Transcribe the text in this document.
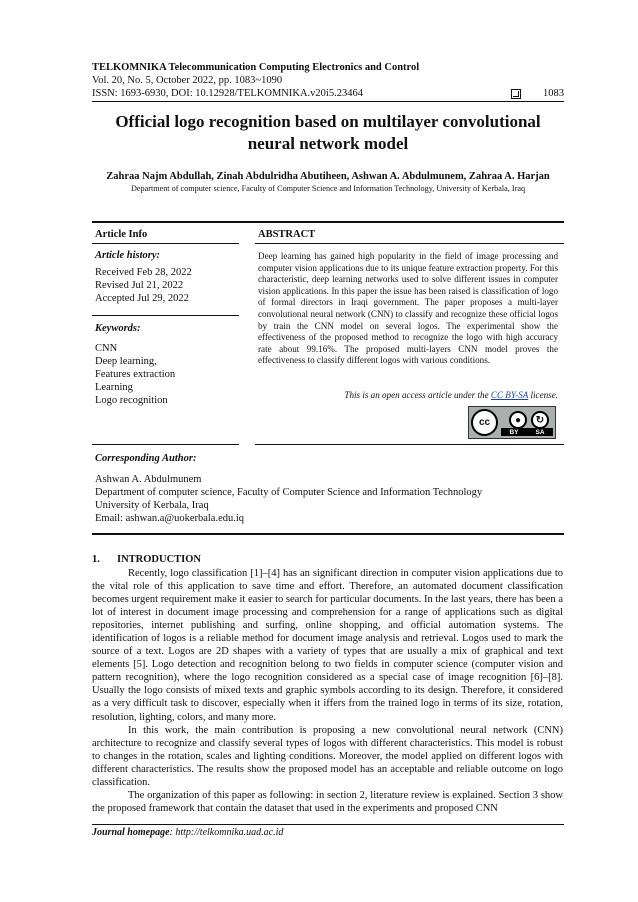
TELKOMNIKA Telecommunication Computing Electronics and Control
Vol. 20, No. 5, October 2022, pp. 1083~1090
ISSN: 1693-6930, DOI: 10.12928/TELKOMNIKA.v20i5.23464	1083
Official logo recognition based on multilayer convolutional
neural network model
Zahraa Najm Abdullah, Zinah Abdulridha Abutiheen, Ashwan A. Abdulmunem, Zahraa A. Harjan
Department of computer science, Faculty of Computer Science and Information Technology, University of Kerbala, Iraq
Article Info	ABSTRACT
Article history:
Received Feb 28, 2022
Revised Jul 21, 2022
Accepted Jul 29, 2022
Keywords:
CNN
Deep learning,
Features extraction
Learning
Logo recognition
Deep learning has gained high popularity in the field of image processing and computer vision applications due to its unique feature extraction property. For this characteristic, deep learning networks used to solve different issues in computer vision applications. In this paper the issue has been raised is classification of logo of formal directors in Iraqi government. The paper proposes a multi-layer convolutional neural network (CNN) to classify and recognize these official logos by train the CNN model on several logos. The experimental show the effectiveness of the proposed method to recognize the logo with high accuracy rate about 99.16%. The proposed multi-layers CNN model proves the effectiveness to classify different logos with various conditions.
This is an open access article under the CC BY-SA license.
cc	●	↻
BY	SA
Corresponding Author:
Ashwan A. Abdulmunem
Department of computer science, Faculty of Computer Science and Information Technology
University of Kerbala, Iraq
Email: ashwan.a@uokerbala.edu.iq
1. INTRODUCTION

Recently, logo classification [1]–[4] has an significant direction in computer vision applications due to the vital role of this application to save time and effort. Therefore, an automated document classification becomes urgent requirement make it easier to search for particular documents. In the last years, there has been a lot of interest in document image processing and comprehension for a range of applications such as digital repositories, internet publishing and surfing, online shopping, and official automation systems. The identification of logos is a reliable method for document image analysis and retrieval. Logos used to mark the source of a text. Logos are 2D shapes with a variety of types that are usually a mix of graphical and text elements [5]. Logo detection and recognition belong to two fields in computer science (computer vision and pattern recognition), where the logo recognition considered as a special case of image recognition [6]–[8]. Usually the logo consists of mixed texts and graphic symbols according to its design. Therefore, it considered as a very difficult task to discover, especially when it iffers from the trained logo in terms of its size, rotation, resolution, lighting, colors, and many more.

In this work, the main contribution is proposing a new convolutional neural network (CNN) architecture to recognize and classify several types of logos with different characteristics. This model is robust to changes in the rotation, scales and lighting conditions. Moreover, the model applied on different logos with different characteristics. The results show the proposed model has an acceptable and reliable outcome on logo classification.

The organization of this paper as following: in section 2, literature review is explained. Section 3 show the proposed framework that contain the dataset that used in the experiments and proposed CNN

Journal homepage: http://telkomnika.uad.ac.id
